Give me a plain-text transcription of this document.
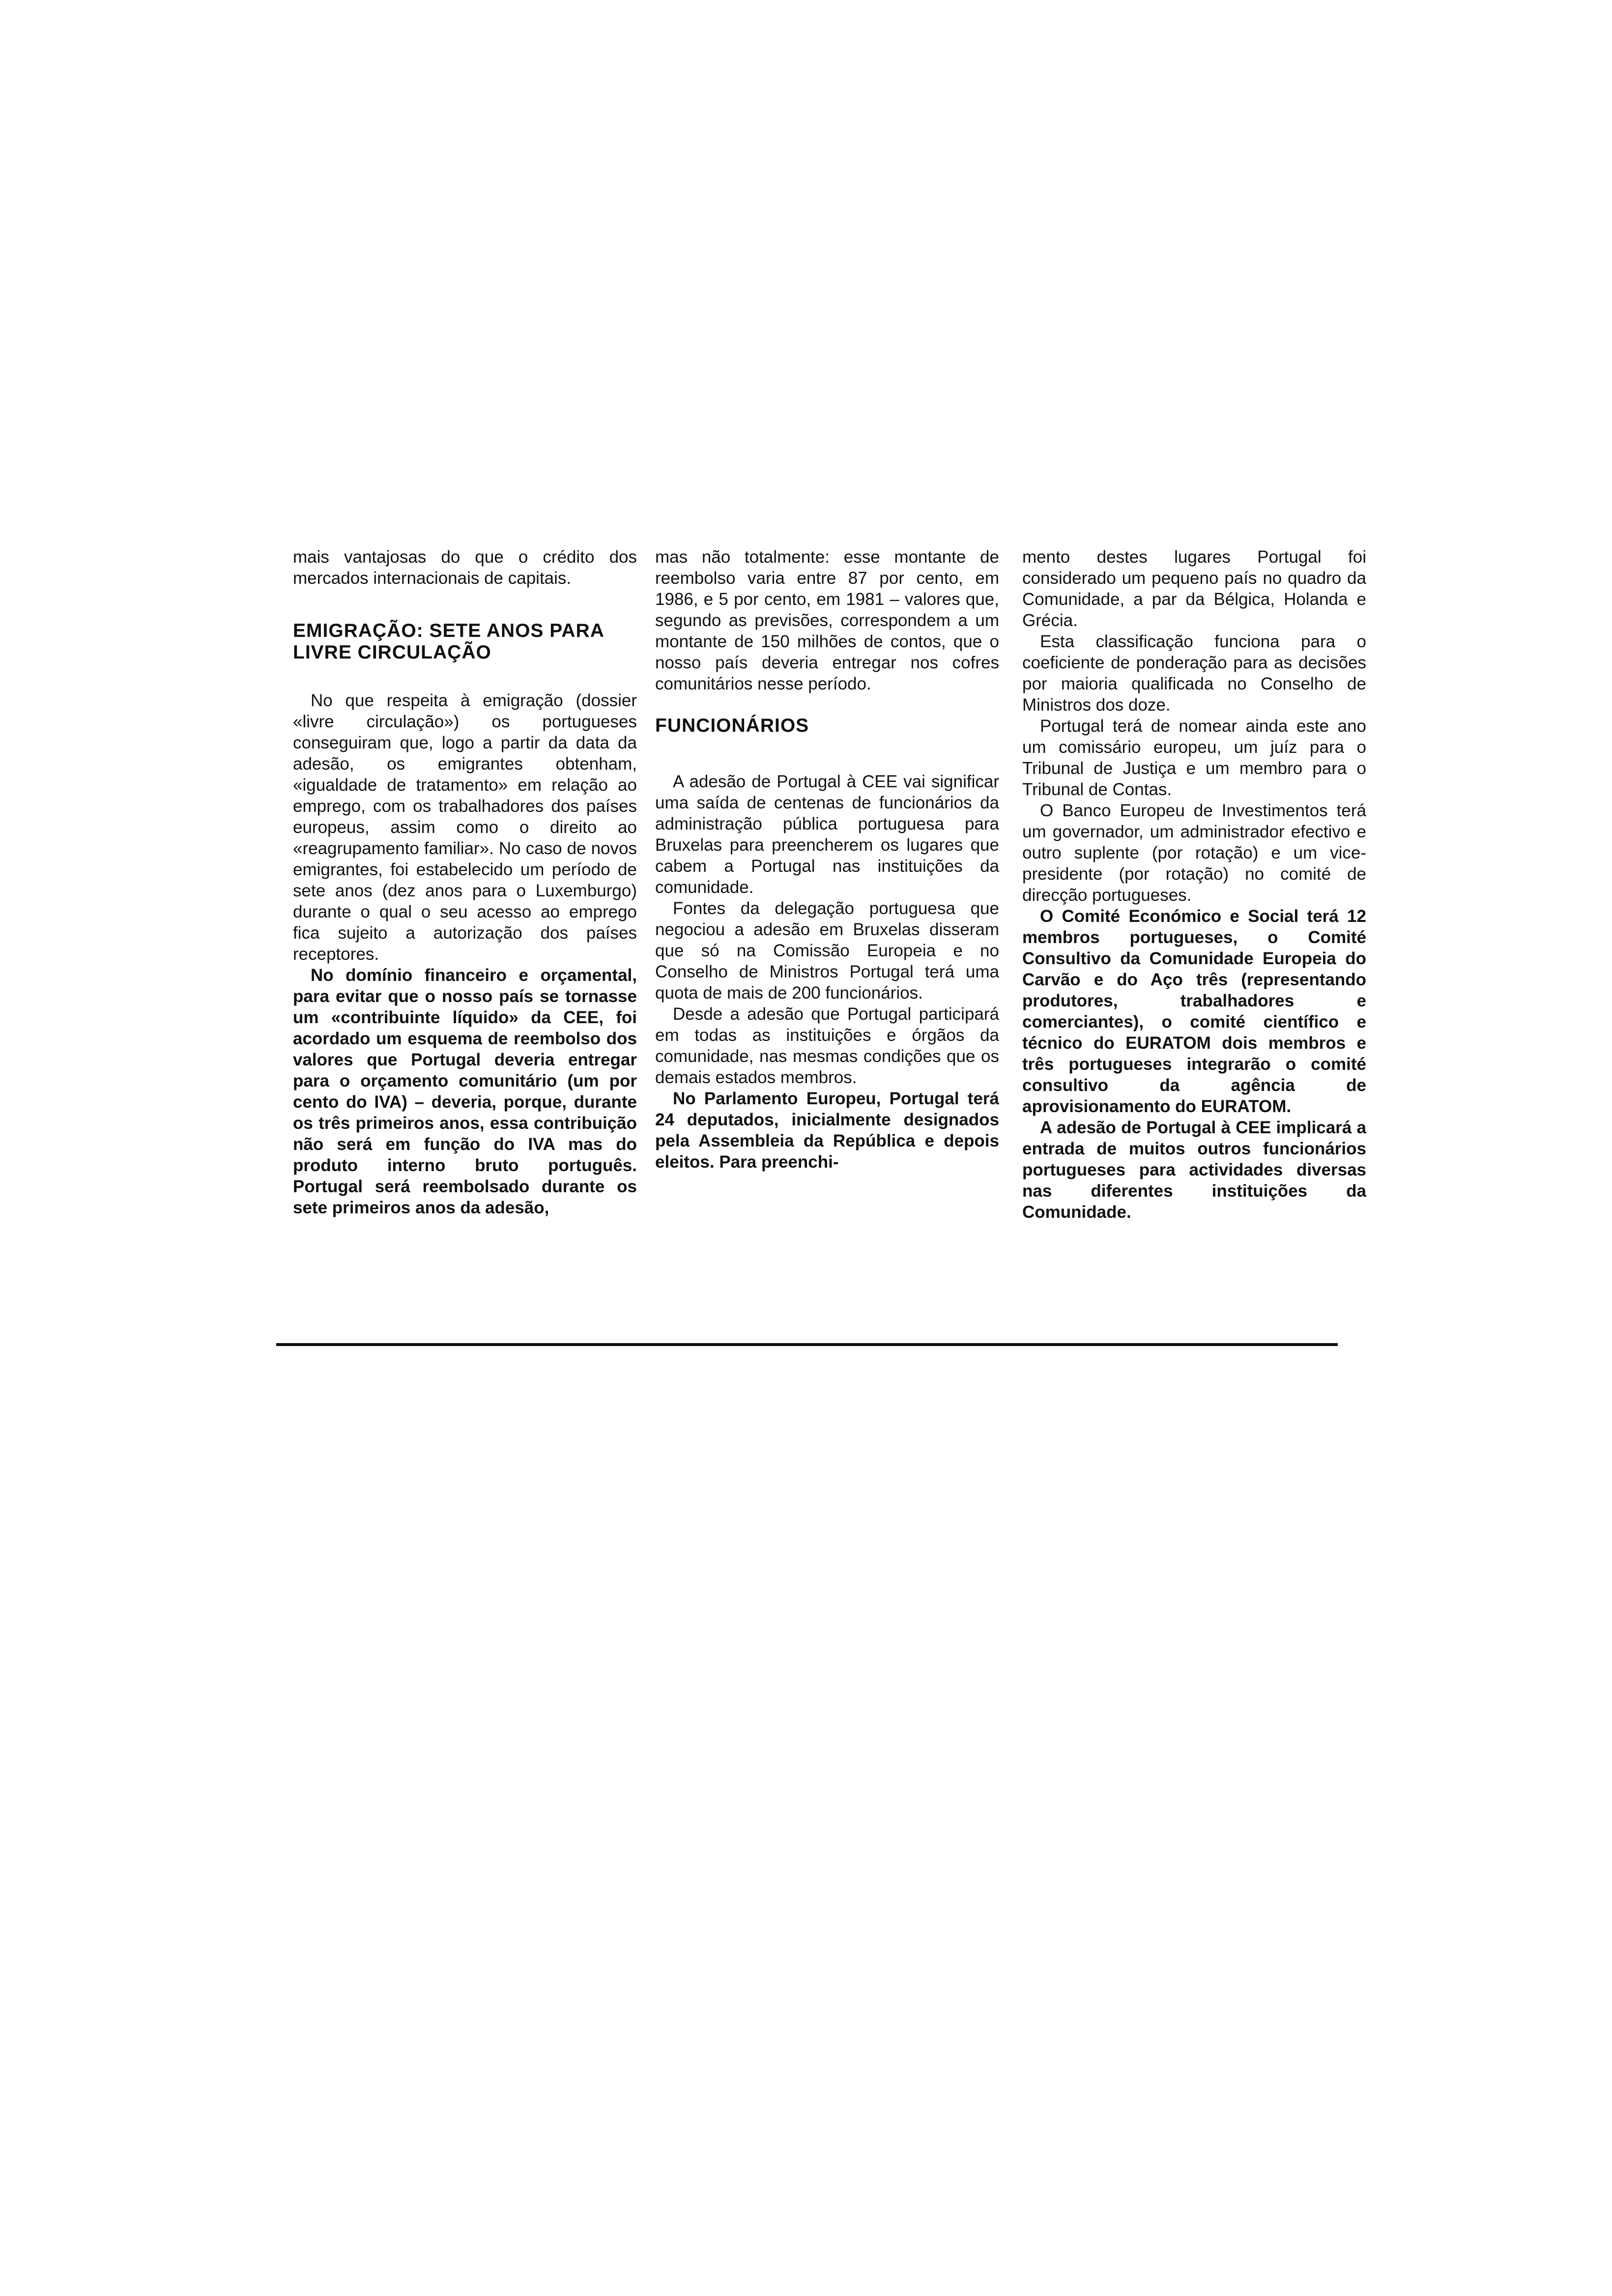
mais vantajosas do que o crédito dos mercados internacionais de capitais.

EMIGRAÇÃO: SETE ANOS PARA LIVRE CIRCULAÇÃO

No que respeita à emigração (dossier «livre circulação») os portugueses conseguiram que, logo a partir da data da adesão, os emigrantes obtenham, «igualdade de tratamento» em relação ao emprego, com os trabalhadores dos países europeus, assim como o direito ao «reagrupamento familiar». No caso de novos emigrantes, foi estabelecido um período de sete anos (dez anos para o Luxemburgo) durante o qual o seu acesso ao emprego fica sujeito a autorização dos países receptores.

No domínio financeiro e orçamental, para evitar que o nosso país se tornasse um «contribuinte líquido» da CEE, foi acordado um esquema de reembolso dos valores que Portugal deveria entregar para o orçamento comunitário (um por cento do IVA) – deveria, porque, durante os três primeiros anos, essa contribuição não será em função do IVA mas do produto interno bruto português. Portugal será reembolsado durante os sete primeiros anos da adesão,

mas não totalmente: esse montante de reembolso varia entre 87 por cento, em 1986, e 5 por cento, em 1981 – valores que, segundo as previsões, correspondem a um montante de 150 milhões de contos, que o nosso país deveria entregar nos cofres comunitários nesse período.

FUNCIONÁRIOS

A adesão de Portugal à CEE vai significar uma saída de centenas de funcionários da administração pública portuguesa para Bruxelas para preencherem os lugares que cabem a Portugal nas instituições da comunidade.

Fontes da delegação portuguesa que negociou a adesão em Bruxelas disseram que só na Comissão Europeia e no Conselho de Ministros Portugal terá uma quota de mais de 200 funcionários.

Desde a adesão que Portugal participará em todas as instituições e órgãos da comunidade, nas mesmas condições que os demais estados membros.

No Parlamento Europeu, Portugal terá 24 deputados, inicialmente designados pela Assembleia da República e depois eleitos. Para preenchi-

mento destes lugares Portugal foi considerado um pequeno país no quadro da Comunidade, a par da Bélgica, Holanda e Grécia.

Esta classificação funciona para o coeficiente de ponderação para as decisões por maioria qualificada no Conselho de Ministros dos doze.

Portugal terá de nomear ainda este ano um comissário europeu, um juíz para o Tribunal de Justiça e um membro para o Tribunal de Contas.

O Banco Europeu de Investimentos terá um governador, um administrador efectivo e outro suplente (por rotação) e um vice-presidente (por rotação) no comité de direcção portugueses.

O Comité Económico e Social terá 12 membros portugueses, o Comité Consultivo da Comunidade Europeia do Carvão e do Aço três (representando produtores, trabalhadores e comerciantes), o comité científico e técnico do EURATOM dois membros e três portugueses integrarão o comité consultivo da agência de aprovisionamento do EURATOM.

A adesão de Portugal à CEE implicará a entrada de muitos outros funcionários portugueses para actividades diversas nas diferentes instituições da Comunidade.
